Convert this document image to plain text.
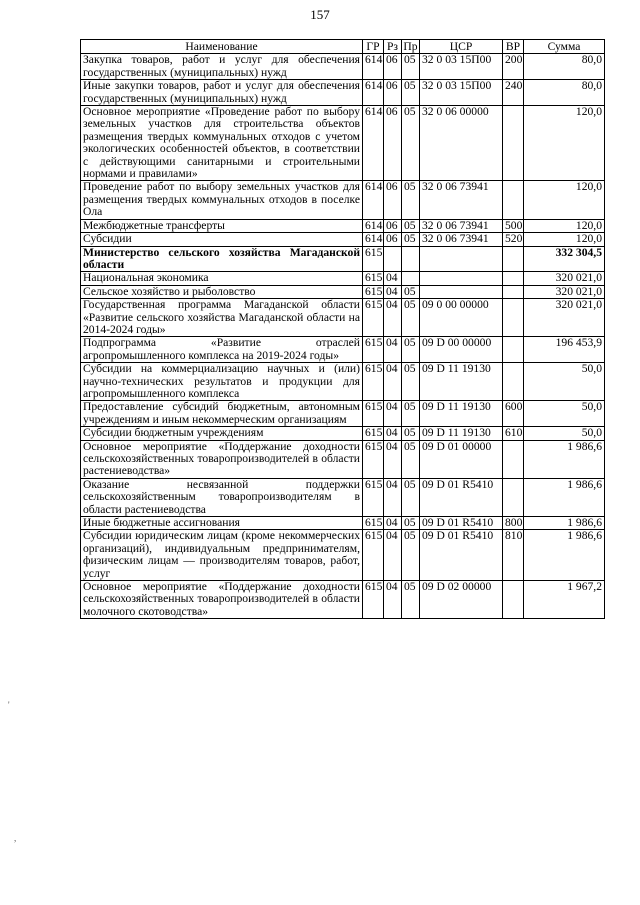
157
Наименование	ГР	Рз	Пр	ЦСР	ВР	Сумма
Закупка товаров, работ и услуг для обеспечения государственных (муниципальных) нужд	614	06	05	32 0 03 15П00	200	80,0
Иные закупки товаров, работ и услуг для обеспечения государственных (муниципальных) нужд	614	06	05	32 0 03 15П00	240	80,0
Основное мероприятие «Проведение работ по выбору земельных участков для строительства объектов размещения твердых коммунальных отходов с учетом экологических особенностей объектов, в соответствии с действующими санитарными и строительными нормами и правилами»	614	06	05	32 0 06 00000		120,0
Проведение работ по выбору земельных участков для размещения твердых коммунальных отходов в поселке Ола	614	06	05	32 0 06 73941		120,0
Межбюджетные трансферты	614	06	05	32 0 06 73941	500	120,0
Субсидии	614	06	05	32 0 06 73941	520	120,0
Министерство сельского хозяйства Магаданской области	615					332 304,5
Национальная экономика	615	04				320 021,0
Сельское хозяйство и рыболовство	615	04	05			320 021,0
Государственная программа Магаданской области «Развитие сельского хозяйства Магаданской области на 2014-2024 годы»	615	04	05	09 0 00 00000		320 021,0
Подпрограмма «Развитие отраслей агропромышленного комплекса на 2019-2024 годы»	615	04	05	09 D 00 00000		196 453,9
Субсидии на коммерциализацию научных и (или) научно-технических результатов и продукции для агропромышленного комплекса	615	04	05	09 D 11 19130		50,0
Предоставление субсидий бюджетным, автономным учреждениям и иным некоммерческим организациям	615	04	05	09 D 11 19130	600	50,0
Субсидии бюджетным учреждениям	615	04	05	09 D 11 19130	610	50,0
Основное мероприятие «Поддержание доходности сельскохозяйственных товаропроизводителей в области растениеводства»	615	04	05	09 D 01 00000		1 986,6
Оказание несвязанной поддержки сельскохозяйственным товаропроизводителям в области растениеводства	615	04	05	09 D 01 R5410		1 986,6
Иные бюджетные ассигнования	615	04	05	09 D 01 R5410	800	1 986,6
Субсидии юридическим лицам (кроме некоммерческих организаций), индивидуальным предпринимателям, физическим лицам — производителям товаров, работ, услуг	615	04	05	09 D 01 R5410	810	1 986,6
Основное мероприятие «Поддержание доходности сельскохозяйственных товаропроизводителей в области молочного скотоводства»	615	04	05	09 D 02 00000		1 967,2
'
,
